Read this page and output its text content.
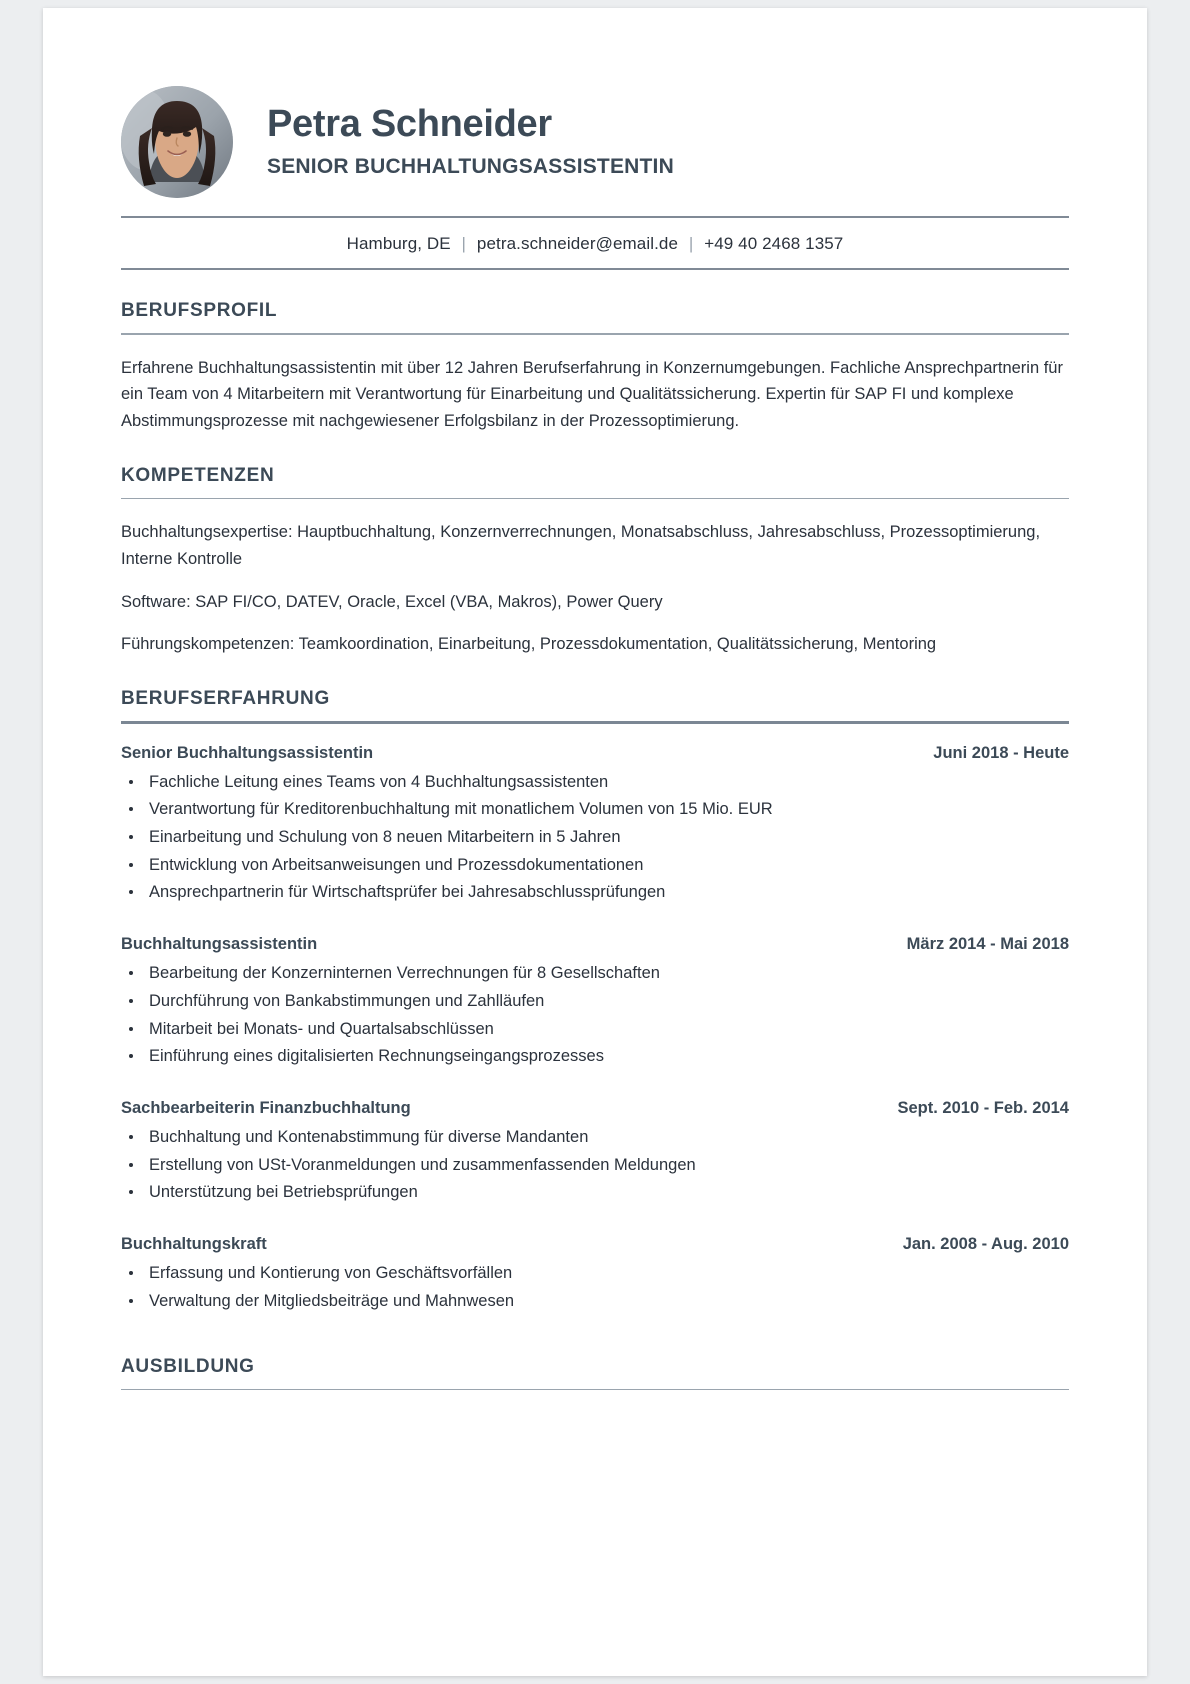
Petra Schneider
SENIOR BUCHHALTUNGSASSISTENTIN
Hamburg, DE | petra.schneider@email.de | +49 40 2468 1357
BERUFSPROFIL
Erfahrene Buchhaltungsassistentin mit über 12 Jahren Berufserfahrung in Konzernumgebungen. Fachliche Ansprechpartnerin für ein Team von 4 Mitarbeitern mit Verantwortung für Einarbeitung und Qualitätssicherung. Expertin für SAP FI und komplexe Abstimmungsprozesse mit nachgewiesener Erfolgsbilanz in der Prozessoptimierung.
KOMPETENZEN
Buchhaltungsexpertise: Hauptbuchhaltung, Konzernverrechnungen, Monatsabschluss, Jahresabschluss, Prozessoptimierung, Interne Kontrolle
Software: SAP FI/CO, DATEV, Oracle, Excel (VBA, Makros), Power Query
Führungskompetenzen: Teamkoordination, Einarbeitung, Prozessdokumentation, Qualitätssicherung, Mentoring
BERUFSERFAHRUNG
Senior Buchhaltungsassistentin	Juni 2018 - Heute
Fachliche Leitung eines Teams von 4 Buchhaltungsassistenten
Verantwortung für Kreditorenbuchhaltung mit monatlichem Volumen von 15 Mio. EUR
Einarbeitung und Schulung von 8 neuen Mitarbeitern in 5 Jahren
Entwicklung von Arbeitsanweisungen und Prozessdokumentationen
Ansprechpartnerin für Wirtschaftsprüfer bei Jahresabschlussprüfungen
Buchhaltungsassistentin	März 2014 - Mai 2018
Bearbeitung der Konzerninternen Verrechnungen für 8 Gesellschaften
Durchführung von Bankabstimmungen und Zahlläufen
Mitarbeit bei Monats- und Quartalsabschlüssen
Einführung eines digitalisierten Rechnungseingangsprozesses
Sachbearbeiterin Finanzbuchhaltung	Sept. 2010 - Feb. 2014
Buchhaltung und Kontenabstimmung für diverse Mandanten
Erstellung von USt-Voranmeldungen und zusammenfassenden Meldungen
Unterstützung bei Betriebsprüfungen
Buchhaltungskraft	Jan. 2008 - Aug. 2010
Erfassung und Kontierung von Geschäftsvorfällen
Verwaltung der Mitgliedsbeiträge und Mahnwesen
AUSBILDUNG
